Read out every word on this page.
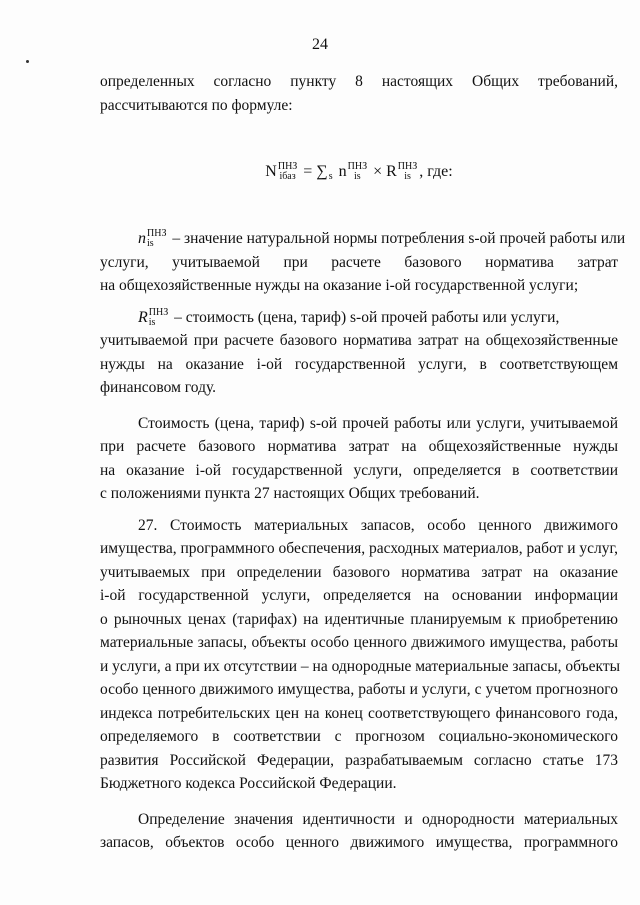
24
определенных согласно пункту 8 настоящих Общих требований,
рассчитываются по формуле:
N ПНЗ
iбаз = ∑
s n ПНЗ
is × R ПНЗ
is , где:
n ПНЗ
is – значение натуральной нормы потребления s-ой прочей работы или
услуги, учитываемой при расчете базового норматива затрат
на общехозяйственные нужды на оказание i-ой государственной услуги;
R ПНЗ
is – стоимость (цена, тариф) s-ой прочей работы или услуги,
учитываемой при расчете базового норматива затрат на общехозяйственные
нужды на оказание i-ой государственной услуги, в соответствующем
финансовом году.
Стоимость (цена, тариф) s-ой прочей работы или услуги, учитываемой
при расчете базового норматива затрат на общехозяйственные нужды
на оказание i-ой государственной услуги, определяется в соответствии
с положениями пункта 27 настоящих Общих требований.
27. Стоимость материальных запасов, особо ценного движимого
имущества, программного обеспечения, расходных материалов, работ и услуг,
учитываемых при определении базового норматива затрат на оказание
i-ой государственной услуги, определяется на основании информации
о рыночных ценах (тарифах) на идентичные планируемым к приобретению
материальные запасы, объекты особо ценного движимого имущества, работы
и услуги, а при их отсутствии – на однородные материальные запасы, объекты
особо ценного движимого имущества, работы и услуги, с учетом прогнозного
индекса потребительских цен на конец соответствующего финансового года,
определяемого в соответствии с прогнозом социально-экономического
развития Российской Федерации, разрабатываемым согласно статье 173
Бюджетного кодекса Российской Федерации.
Определение значения идентичности и однородности материальных
запасов, объектов особо ценного движимого имущества, программного
